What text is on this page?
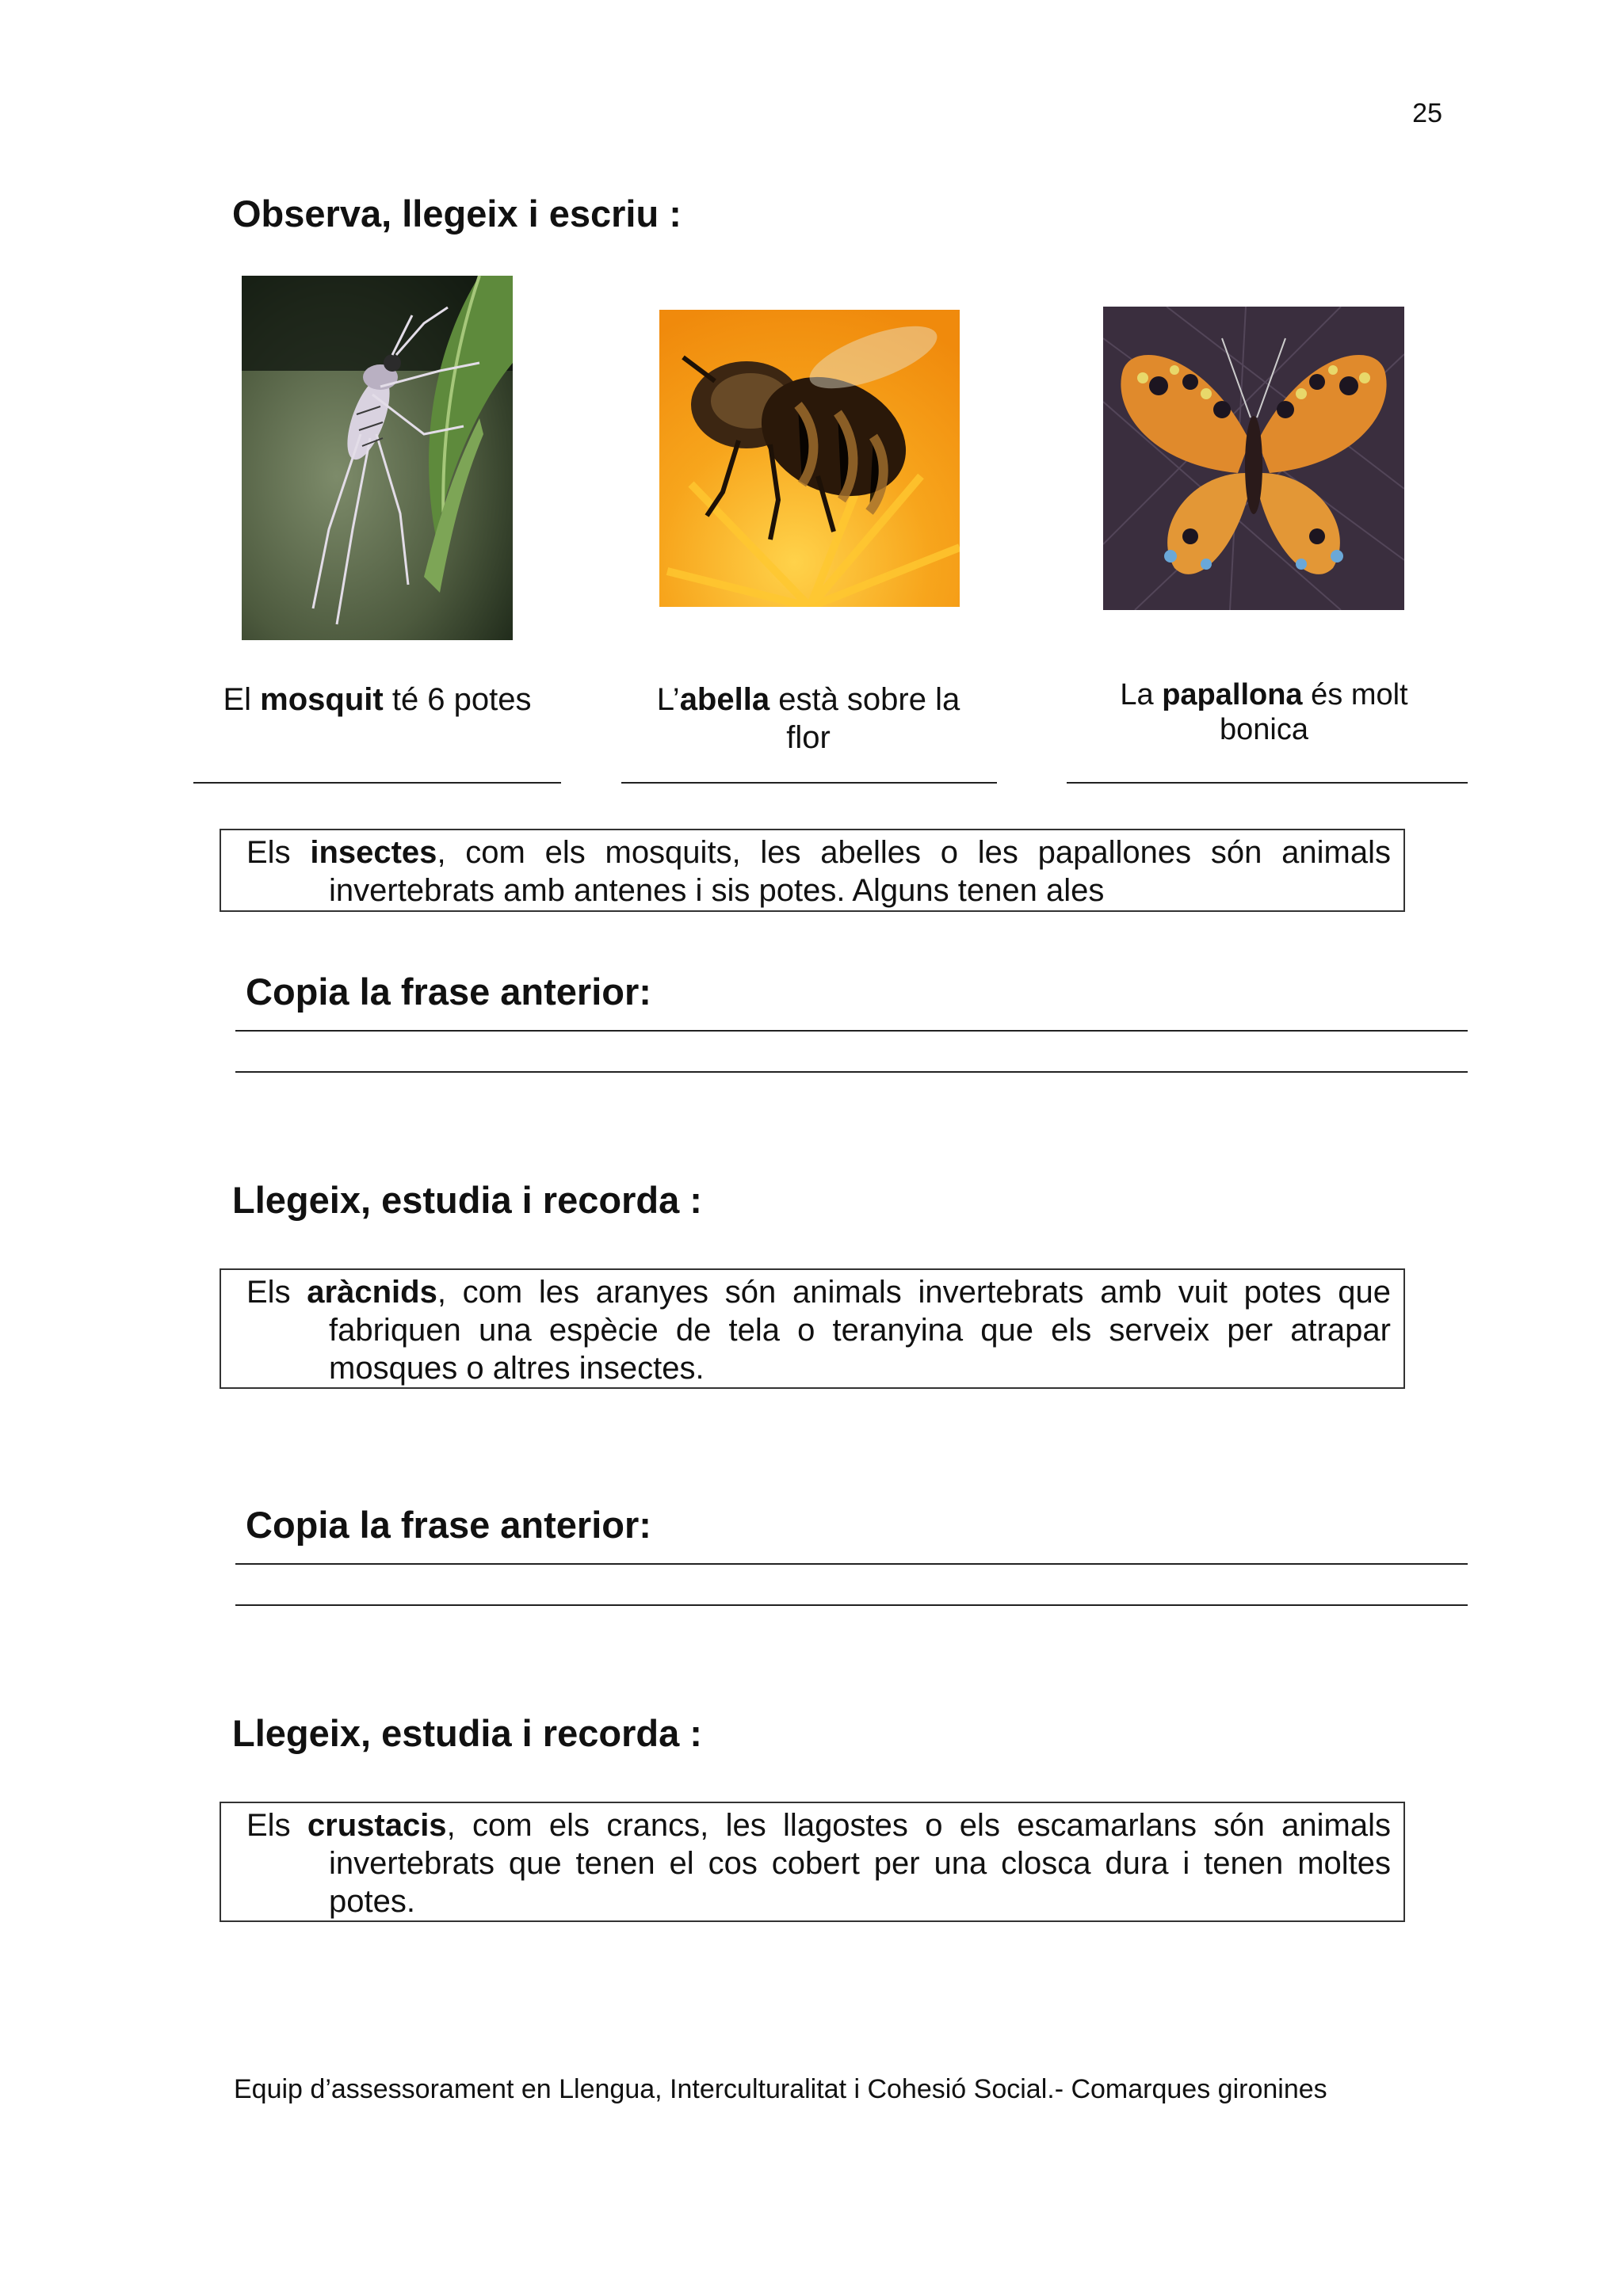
25
Observa, llegeix i escriu :
El mosquit té 6 potes	L’abella està sobre la flor
La papallona és molt bonica
Els insectes, com els mosquits, les abelles o les papallones són animals invertebrats amb antenes i sis potes. Alguns tenen ales
Copia la frase anterior:
Llegeix, estudia i recorda :
Els aràcnids, com les aranyes són animals invertebrats amb vuit potes que fabriquen una espècie de tela o teranyina que els serveix per atrapar mosques o altres insectes.
Copia la frase anterior:
Llegeix, estudia i recorda :
Els crustacis, com els crancs, les llagostes o els escamarlans són animals invertebrats que tenen el cos cobert per una closca dura i tenen moltes potes.
Equip d’assessorament en Llengua, Interculturalitat i Cohesió Social.- Comarques gironines
